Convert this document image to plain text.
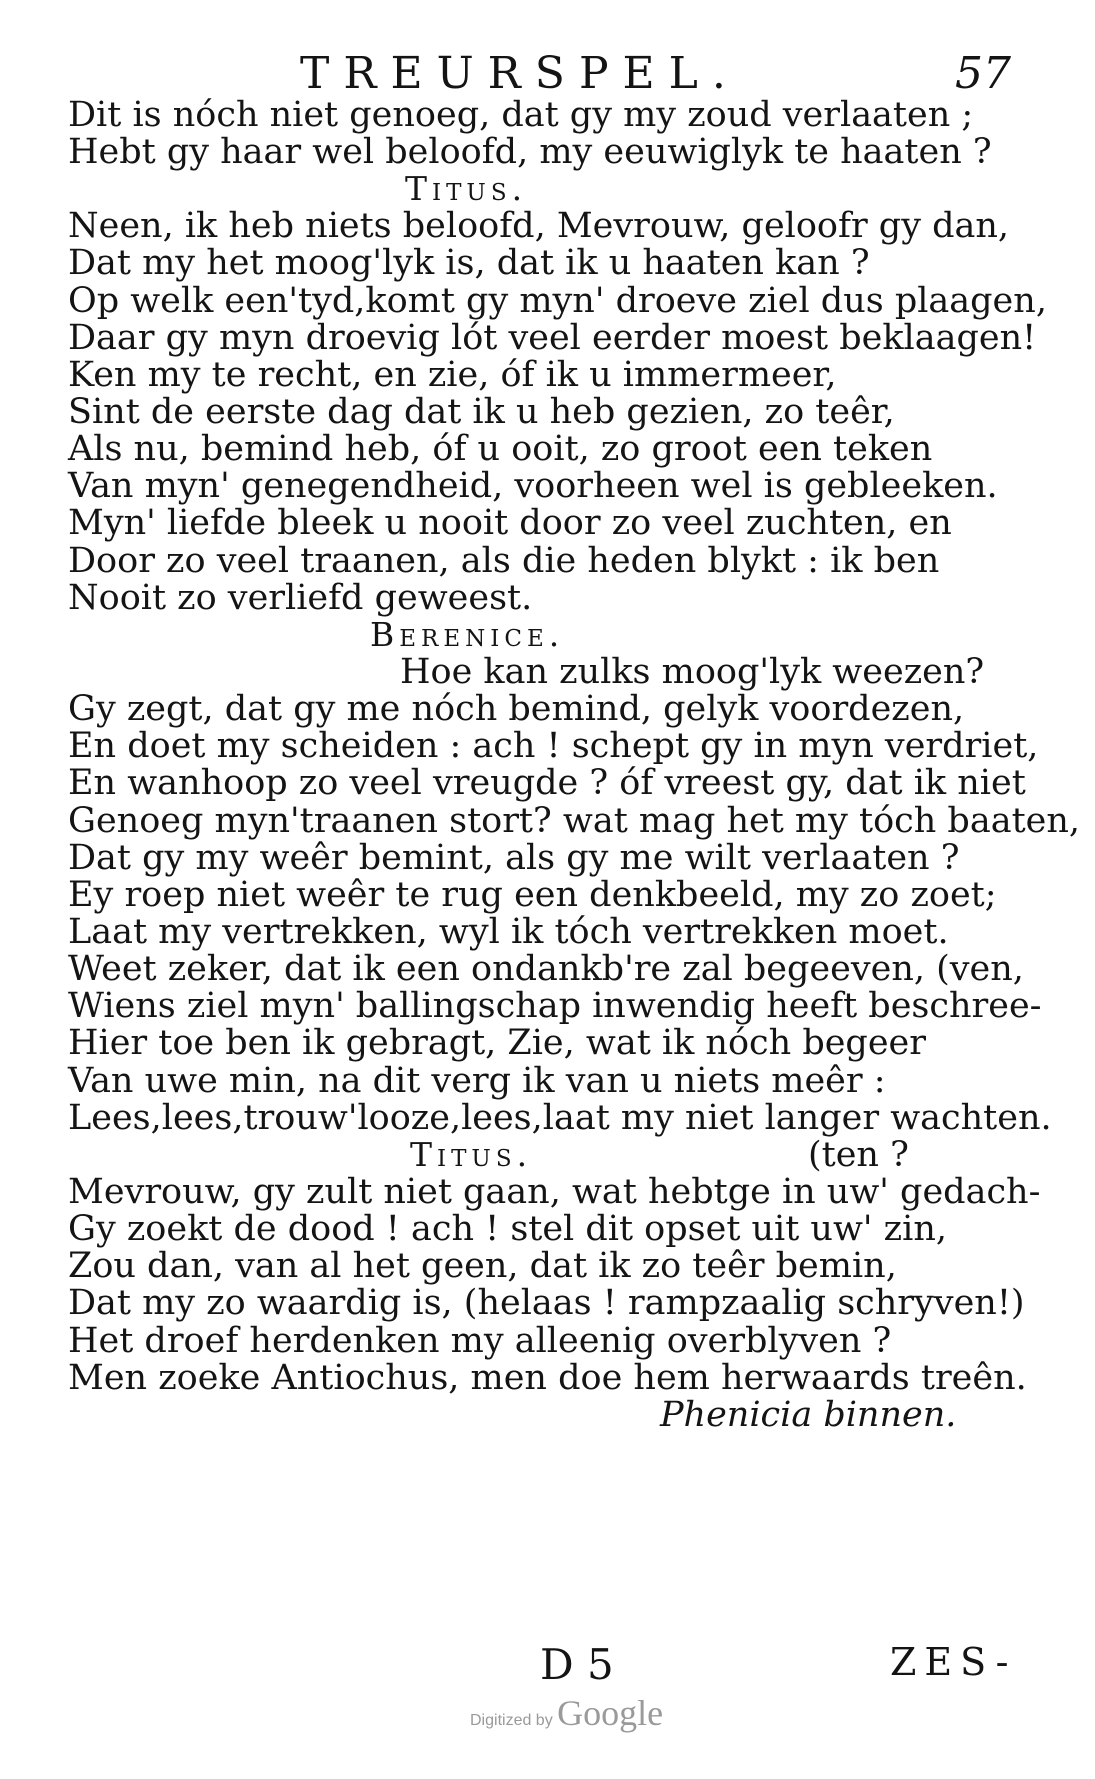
TREURSPEL.	57
Dit is nóch niet genoeg, dat gy my zoud verlaaten ;
Hebt gy haar wel beloofd, my eeuwiglyk te haaten ?
Titus.
Neen, ik heb niets beloofd, Mevrouw, geloofr gy dan,
Dat my het moog'lyk is, dat ik u haaten kan ?
Op welk een'tyd,komt gy myn' droeve ziel dus plaagen,
Daar gy myn droevig lót veel eerder moest beklaagen!
Ken my te recht, en zie, óf ik u immermeer,
Sint de eerste dag dat ik u heb gezien, zo teêr,
Als nu, bemind heb, óf u ooit, zo groot een teken
Van myn' genegendheid, voorheen wel is gebleeken.
Myn' liefde bleek u nooit door zo veel zuchten, en
Door zo veel traanen, als die heden blykt : ik ben
Nooit zo verliefd geweest.
Berenice.
Hoe kan zulks moog'lyk weezen?
Gy zegt, dat gy me nóch bemind, gelyk voordezen,
En doet my scheiden : ach ! schept gy in myn verdriet,
En wanhoop zo veel vreugde ? óf vreest gy, dat ik niet
Genoeg myn'traanen stort? wat mag het my tóch baaten,
Dat gy my weêr bemint, als gy me wilt verlaaten ?
Ey roep niet weêr te rug een denkbeeld, my zo zoet;
Laat my vertrekken, wyl ik tóch vertrekken moet.
Weet zeker, dat ik een ondankb're zal begeeven, (ven,
Wiens ziel myn' ballingschap inwendig heeft beschree-
Hier toe ben ik gebragt, Zie, wat ik nóch begeer
Van uwe min, na dit verg ik van u niets meêr :
Lees,lees,trouw'looze,lees,laat my niet langer wachten.
Titus.	(ten ?
Mevrouw, gy zult niet gaan, wat hebtge in uw' gedach-
Gy zoekt de dood ! ach ! stel dit opset uit uw' zin,
Zou dan, van al het geen, dat ik zo teêr bemin,
Dat my zo waardig is, (helaas ! rampzaalig schryven!)
Het droef herdenken my alleenig overblyven ?
Men zoeke Antiochus, men doe hem herwaards treên.
Phenicia binnen.
D 5	ZES-
Digitized by Google
